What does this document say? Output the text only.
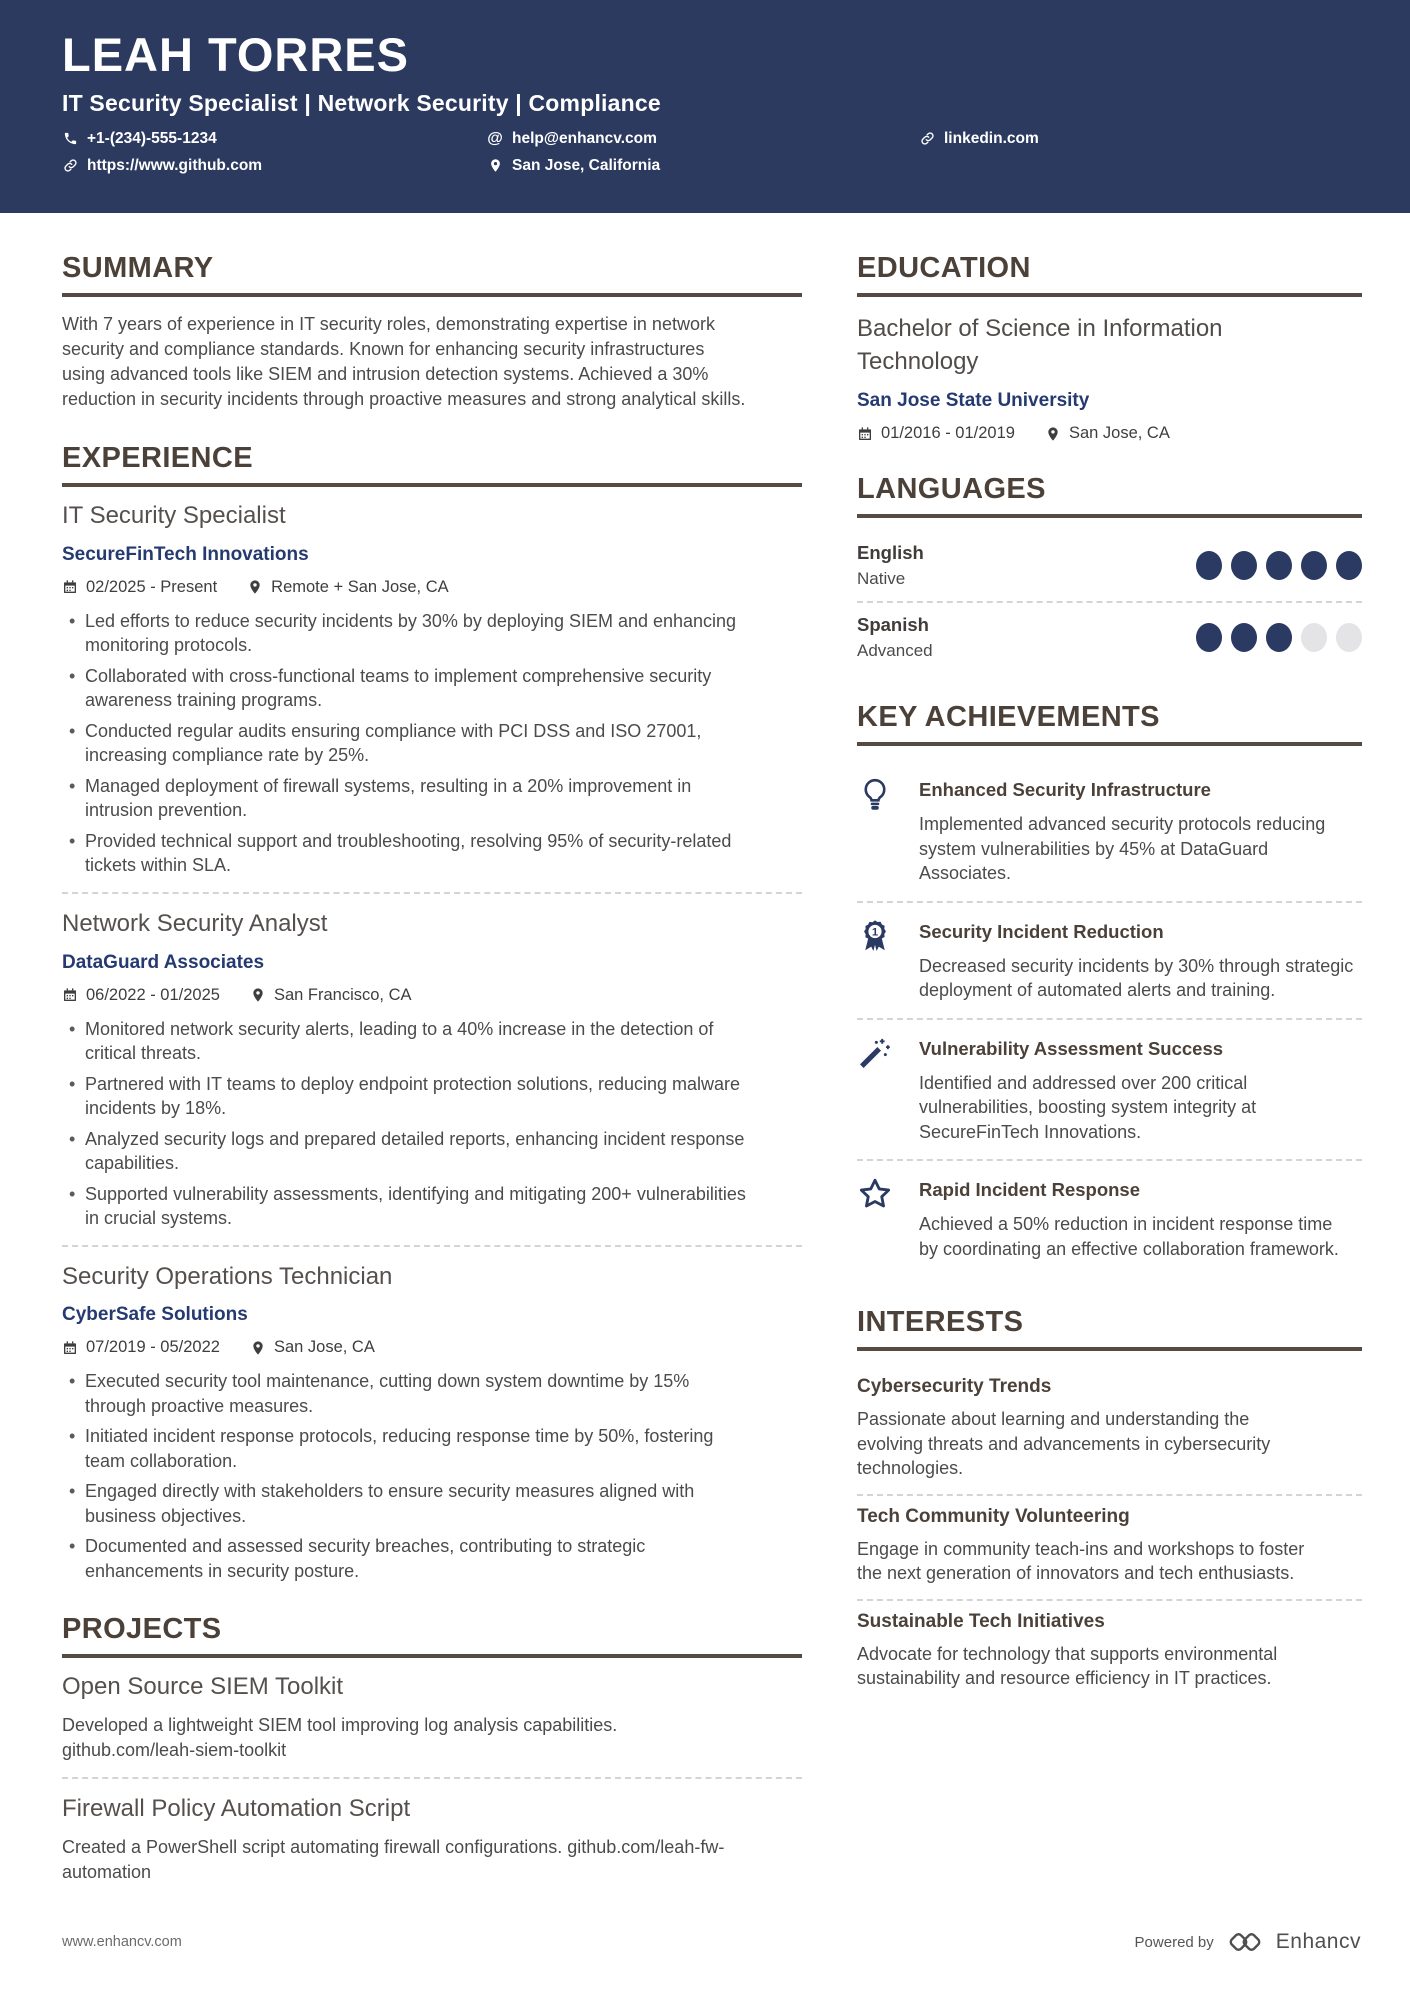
LEAH TORRES
IT Security Specialist | Network Security | Compliance
+1-(234)-555-1234	@ help@enhancv.com	linkedin.com
https://www.github.com	San Jose, California
SUMMARY
With 7 years of experience in IT security roles, demonstrating expertise in network security and compliance standards. Known for enhancing security infrastructures using advanced tools like SIEM and intrusion detection systems. Achieved a 30% reduction in security incidents through proactive measures and strong analytical skills.
EXPERIENCE
IT Security Specialist
SecureFinTech Innovations
02/2025 - Present	Remote + San Jose, CA
• Led efforts to reduce security incidents by 30% by deploying SIEM and enhancing monitoring protocols.
• Collaborated with cross-functional teams to implement comprehensive security awareness training programs.
• Conducted regular audits ensuring compliance with PCI DSS and ISO 27001, increasing compliance rate by 25%.
• Managed deployment of firewall systems, resulting in a 20% improvement in intrusion prevention.
• Provided technical support and troubleshooting, resolving 95% of security-related tickets within SLA.
Network Security Analyst
DataGuard Associates
06/2022 - 01/2025	San Francisco, CA
• Monitored network security alerts, leading to a 40% increase in the detection of critical threats.
• Partnered with IT teams to deploy endpoint protection solutions, reducing malware incidents by 18%.
• Analyzed security logs and prepared detailed reports, enhancing incident response capabilities.
• Supported vulnerability assessments, identifying and mitigating 200+ vulnerabilities in crucial systems.
Security Operations Technician
CyberSafe Solutions
07/2019 - 05/2022	San Jose, CA
• Executed security tool maintenance, cutting down system downtime by 15% through proactive measures.
• Initiated incident response protocols, reducing response time by 50%, fostering team collaboration.
• Engaged directly with stakeholders to ensure security measures aligned with business objectives.
• Documented and assessed security breaches, contributing to strategic enhancements in security posture.
PROJECTS
Open Source SIEM Toolkit
Developed a lightweight SIEM tool improving log analysis capabilities. github.com/leah-siem-toolkit
Firewall Policy Automation Script
Created a PowerShell script automating firewall configurations. github.com/leah-fw-automation
EDUCATION
Bachelor of Science in Information Technology
San Jose State University
01/2016 - 01/2019	San Jose, CA
LANGUAGES
English
Native
Spanish
Advanced
KEY ACHIEVEMENTS
Enhanced Security Infrastructure
Implemented advanced security protocols reducing system vulnerabilities by 45% at DataGuard Associates.
1 Security Incident Reduction
Decreased security incidents by 30% through strategic deployment of automated alerts and training.
Vulnerability Assessment Success
Identified and addressed over 200 critical vulnerabilities, boosting system integrity at SecureFinTech Innovations.
Rapid Incident Response
Achieved a 50% reduction in incident response time by coordinating an effective collaboration framework.
INTERESTS
Cybersecurity Trends
Passionate about learning and understanding the evolving threats and advancements in cybersecurity technologies.
Tech Community Volunteering
Engage in community teach-ins and workshops to foster the next generation of innovators and tech enthusiasts.
Sustainable Tech Initiatives
Advocate for technology that supports environmental sustainability and resource efficiency in IT practices.
www.enhancv.com	Powered by	Enhancv
